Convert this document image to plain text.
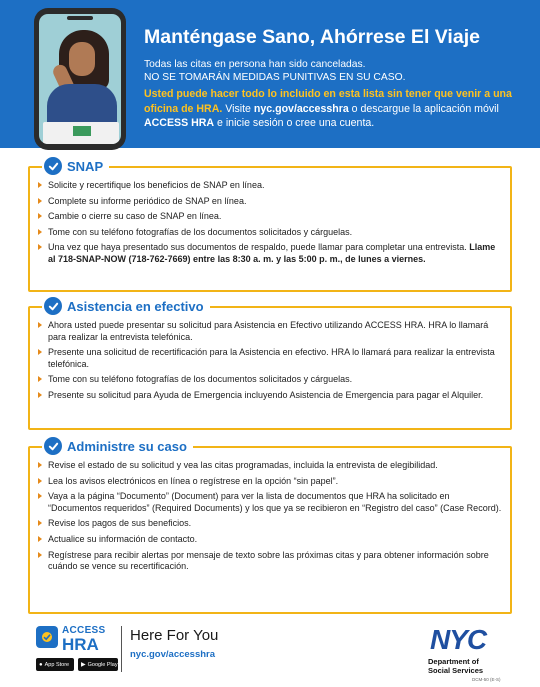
Manténgase Sano, Ahórrese El Viaje
Todas las citas en persona han sido canceladas.
NO SE TOMARÁN MEDIDAS PUNITIVAS EN SU CASO.
Usted puede hacer todo lo incluido en esta lista sin tener que venir a una oficina de HRA. Visite nyc.gov/accesshra o descargue la aplicación móvil ACCESS HRA e inicie sesión o cree una cuenta.
SNAP
Solicite y recertifique los beneficios de SNAP en línea.
Complete su informe periódico de SNAP en línea.
Cambie o cierre su caso de SNAP en línea.
Tome con su teléfono fotografías de los documentos solicitados y cárguelas.
Una vez que haya presentado sus documentos de respaldo, puede llamar para completar una entrevista. Llame al 718-SNAP-NOW (718-762-7669) entre las 8:30 a. m. y las 5:00 p. m., de lunes a viernes.
Asistencia en efectivo
Ahora usted puede presentar su solicitud para Asistencia en Efectivo utilizando ACCESS HRA. HRA lo llamará para realizar la entrevista telefónica.
Presente una solicitud de recertificación para la Asistencia en efectivo. HRA lo llamará para realizar la entrevista telefónica.
Tome con su teléfono fotografías de los documentos solicitados y cárguelas.
Presente su solicitud para Ayuda de Emergencia incluyendo Asistencia de Emergencia para pagar el Alquiler.
Administre su caso
Revise el estado de su solicitud y vea las citas programadas, incluida la entrevista de elegibilidad.
Lea los avisos electrónicos en línea o regístrese en la opción “sin papel”.
Vaya a la página “Documento” (Document) para ver la lista de documentos que HRA ha solicitado en “Documentos requeridos” (Required Documents) y los que ya se recibieron en “Registro del caso” (Case Record).
Revise los pagos de sus beneficios.
Actualice su información de contacto.
Regístrese para recibir alertas por mensaje de texto sobre las próximas citas y para obtener información sobre cuándo se vence su recertificación.
ACCESS
HRA
● App Store ▶ Google Play
Here For You
nyc.gov/accesshra	NYC
Department of
Social Services
DCM-50 (E-S)
